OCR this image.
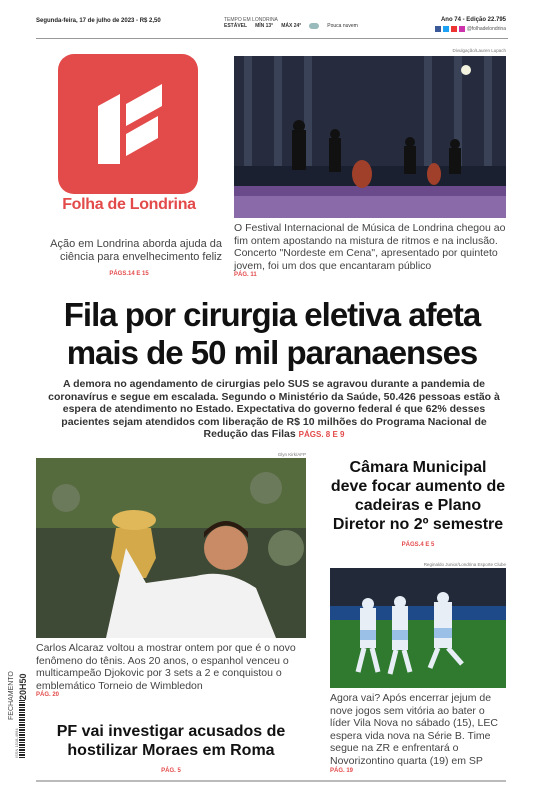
Segunda-feira, 17 de julho de 2023 - R$ 2,50	TEMPO EM LONDRINA
ESTÁVEL MÍN 13° MÁX 24°	Pouca nuvem
Ano 74 - Edição 22.795
@folhadelondrina
Folha de Londrina
Ação em Londrina aborda ajuda da ciência para envelhecimento feliz
PÁGS.14 E 15
Divulgação/Lauren Lupach
O Festival Internacional de Música de Londrina chegou ao fim ontem apostando na mistura de ritmos e na inclusão. Concerto "Nordeste em Cena", apresentado por quinteto jovem, foi um dos que encantaram público
PÁG. 11
Fila por cirurgia eletiva afeta
mais de 50 mil paranaenses
A demora no agendamento de cirurgias pelo SUS se agravou durante a pandemia de coronavírus e segue em escalada. Segundo o Ministério da Saúde, 50.426 pessoas estão à espera de atendimento no Estado. Expectativa do governo federal é que 62% desses pacientes sejam atendidos com liberação de R$ 10 milhões do Programa Nacional de Redução das Filas PÁGS. 8 E 9
Glyn Kirk/AFP
Carlos Alcaraz voltou a mostrar ontem por que é o novo fenômeno do tênis. Aos 20 anos, o espanhol venceu o multicampeão Djokovic por 3 sets a 2 e conquistou o emblemático Torneio de Wimbledon
PÁG. 20
Câmara Municipal deve focar aumento de cadeiras e Plano Diretor no 2º semestre
PÁGS.4 E 5
Reginaldo Junior/Londrina Esporte Clube
Agora vai? Após encerrar jejum de nove jogos sem vitória ao bater o líder Vila Nova no sábado (15), LEC espera vida nova na Série B. Time segue na ZR e enfrentará o Novorizontino quarta (19) em SP
PÁG. 19
PF vai investigar acusados de hostilizar Moraes em Roma
PÁG. 5
FECHAMENTO 20H50
ISSN 1518-4994
